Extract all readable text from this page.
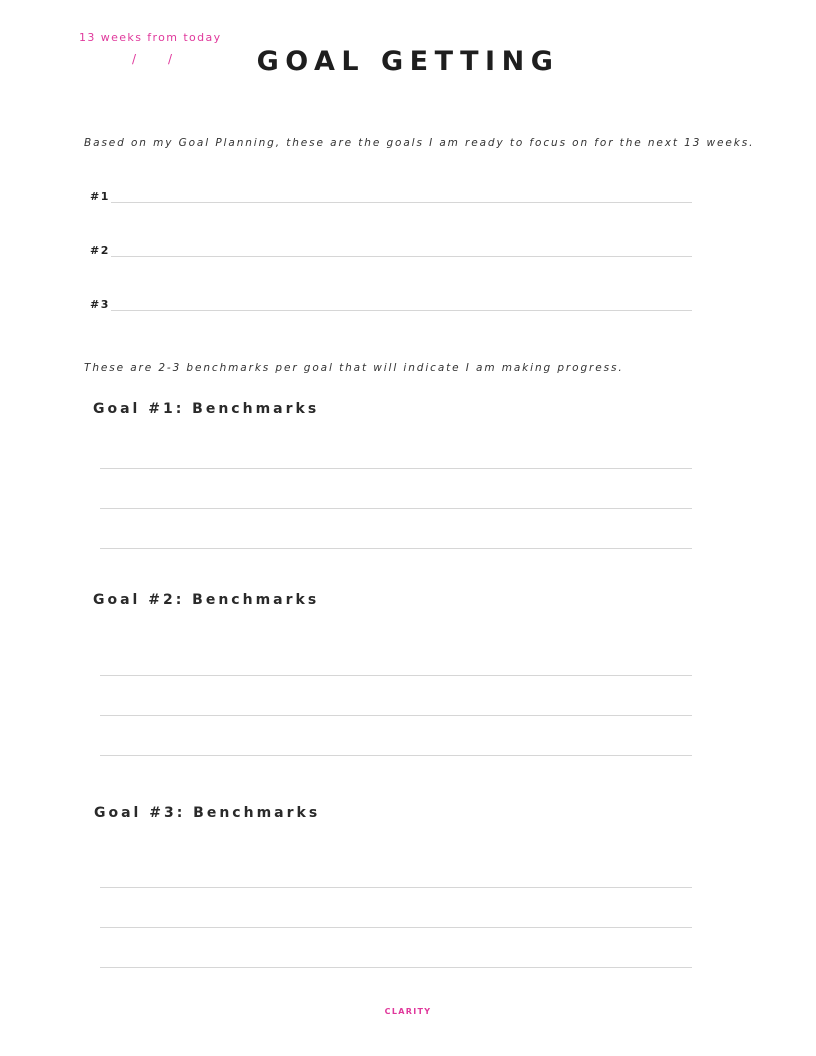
13 weeks from today
/	/	GOAL GETTING
Based on my Goal Planning, these are the goals I am ready to focus on for the next 13 weeks.
#1
#2
#3
These are 2-3 benchmarks per goal that will indicate I am making progress.
Goal #1: Benchmarks
Goal #2: Benchmarks
Goal #3: Benchmarks
CLARITY
